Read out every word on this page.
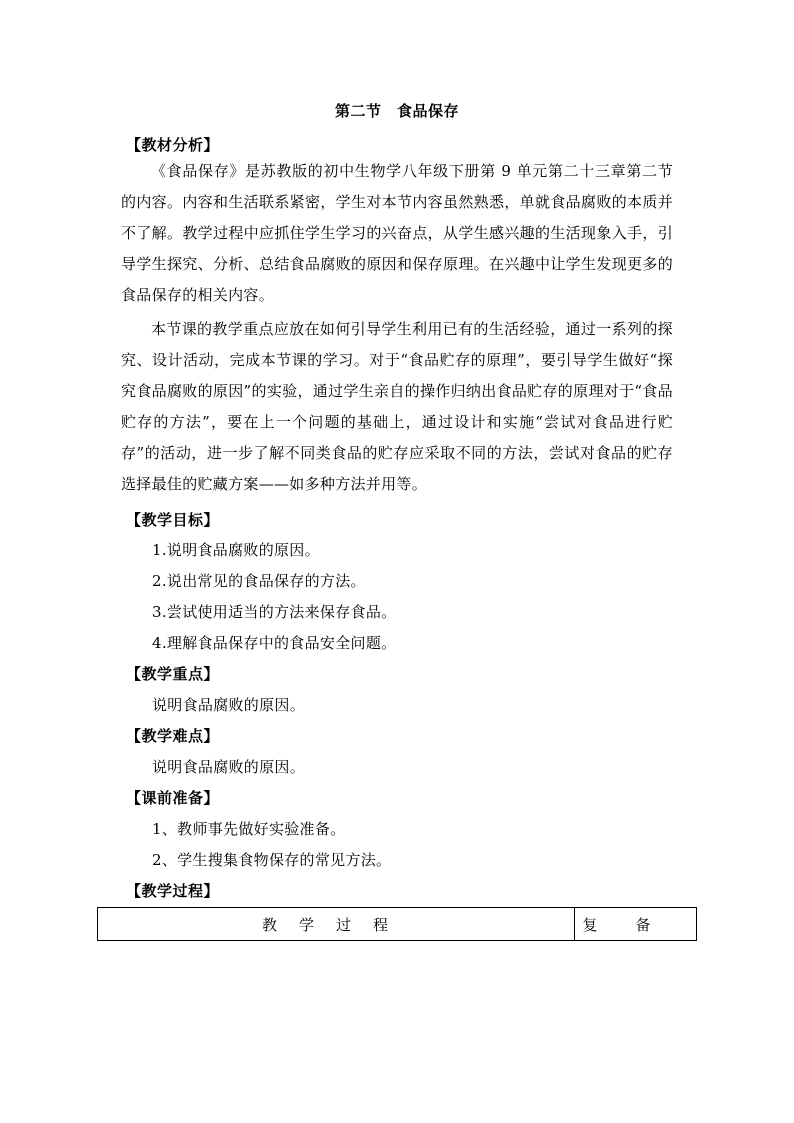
第二节　食品保存
【教材分析】

《食品保存》是苏教版的初中生物学八年级下册第 9 单元第二十三章第二节的内容。内容和生活联系紧密，学生对本节内容虽然熟悉，单就食品腐败的本质并不了解。教学过程中应抓住学生学习的兴奋点，从学生感兴趣的生活现象入手，引导学生探究、分析、总结食品腐败的原因和保存原理。在兴趣中让学生发现更多的食品保存的相关内容。

本节课的教学重点应放在如何引导学生利用已有的生活经验，通过一系列的探究、设计活动，完成本节课的学习。对于“食品贮存的原理”，要引导学生做好“探究食品腐败的原因”的实验，通过学生亲自的操作归纳出食品贮存的原理对于“食品贮存的方法”，要在上一个问题的基础上，通过设计和实施“尝试对食品进行贮存”的活动，进一步了解不同类食品的贮存应采取不同的方法，尝试对食品的贮存选择最佳的贮藏方案——如多种方法并用等。

【教学目标】
1.说明食品腐败的原因。
2.说出常见的食品保存的方法。
3.尝试使用适当的方法来保存食品。
4.理解食品保存中的食品安全问题。
【教学重点】
说明食品腐败的原因。
【教学难点】
说明食品腐败的原因。
【课前准备】
1、教师事先做好实验准备。
2、学生搜集食物保存的常见方法。
【教学过程】
教学过程	复备
